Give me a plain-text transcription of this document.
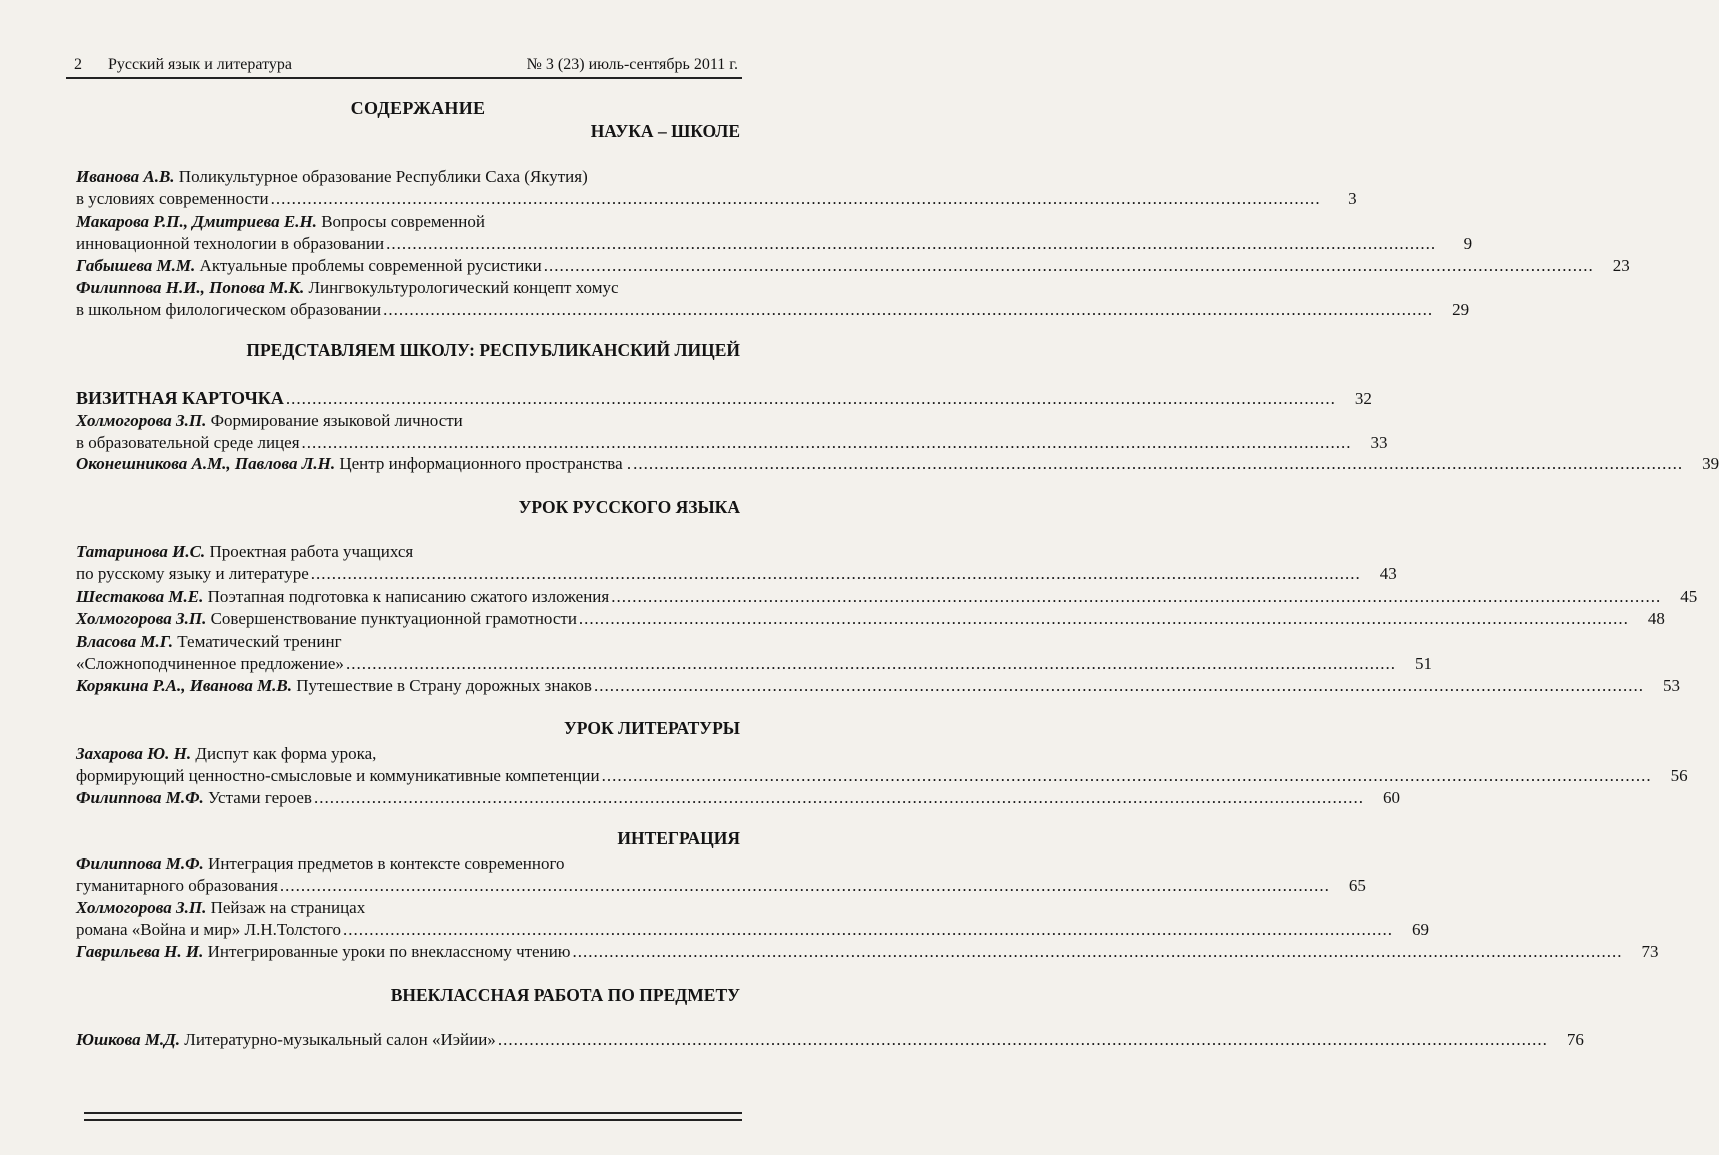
2 Русский язык и литература	№ 3 (23) июль-сентябрь 2011 г.
СОДЕРЖАНИЕ
НАУКА – ШКОЛЕ
Иванова А.В. Поликультурное образование Республики Саха (Якутия)
в условиях современности ........................................................................................................................................................................................................	3
Макарова Р.П., Дмитриева Е.Н. Вопросы современной
инновационной технологии в образовании ........................................................................................................................................................................................................	9
Габышева М.М. Актуальные проблемы современной русистики ........................................................................................................................................................................................................	23
Филиппова Н.И., Попова М.К. Лингвокультурологический концепт хомус
в школьном филологическом образовании ........................................................................................................................................................................................................	29
ПРЕДСТАВЛЯЕМ ШКОЛУ: РЕСПУБЛИКАНСКИЙ ЛИЦЕЙ
ВИЗИТНАЯ КАРТОЧКА ........................................................................................................................................................................................................	32
Холмогорова З.П. Формирование языковой личности
в образовательной среде лицея ........................................................................................................................................................................................................	33
Оконешникова А.М., Павлова Л.Н. Центр информационного пространства . ........................................................................................................................................................................................................	39
УРОК РУССКОГО ЯЗЫКА
Татаринова И.С. Проектная работа учащихся
по русскому языку и литературе ........................................................................................................................................................................................................	43
Шестакова М.Е. Поэтапная подготовка к написанию сжатого изложения ........................................................................................................................................................................................................	45
Холмогорова З.П. Совершенствование пунктуационной грамотности ........................................................................................................................................................................................................	48
Власова М.Г. Тематический тренинг
«Сложноподчиненное предложение» ........................................................................................................................................................................................................	51
Корякина Р.А., Иванова М.В. Путешествие в Страну дорожных знаков ........................................................................................................................................................................................................	53
УРОК ЛИТЕРАТУРЫ
Захарова Ю. Н. Диспут как форма урока,
формирующий ценностно-смысловые и коммуникативные компетенции ........................................................................................................................................................................................................	56
Филиппова М.Ф. Устами героев ........................................................................................................................................................................................................	60
ИНТЕГРАЦИЯ
Филиппова М.Ф. Интеграция предметов в контексте современного
гуманитарного образования ........................................................................................................................................................................................................	65
Холмогорова З.П. Пейзаж на страницах
романа «Война и мир» Л.Н.Толстого ........................................................................................................................................................................................................	69
Гаврильева Н. И. Интегрированные уроки по внеклассному чтению ........................................................................................................................................................................................................	73
ВНЕКЛАССНАЯ РАБОТА ПО ПРЕДМЕТУ
Юшкова М.Д. Литературно-музыкальный салон «Иэйии» ........................................................................................................................................................................................................	76
